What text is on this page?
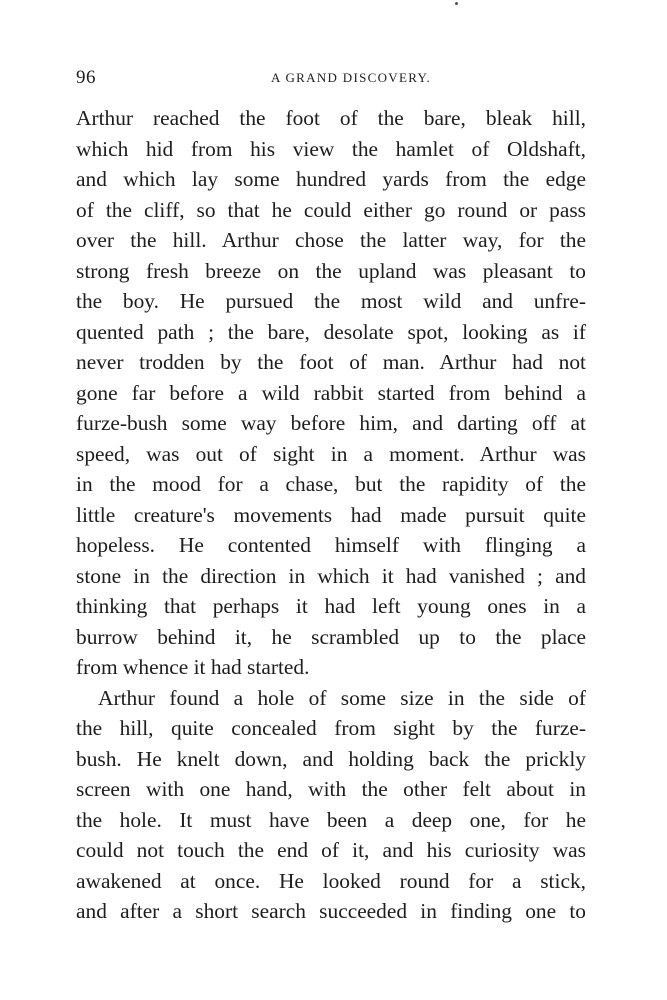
96	A GRAND DISCOVERY.
Arthur reached the foot of the bare, bleak hill,
which hid from his view the hamlet of Oldshaft,
and which lay some hundred yards from the edge
of the cliff, so that he could either go round or pass
over the hill. Arthur chose the latter way, for the
strong fresh breeze on the upland was pleasant to
the boy. He pursued the most wild and unfre-
quented path ; the bare, desolate spot, looking as if
never trodden by the foot of man. Arthur had not
gone far before a wild rabbit started from behind a
furze-bush some way before him, and darting off at
speed, was out of sight in a moment. Arthur was
in the mood for a chase, but the rapidity of the
little creature's movements had made pursuit quite
hopeless. He contented himself with flinging a
stone in the direction in which it had vanished ; and
thinking that perhaps it had left young ones in a
burrow behind it, he scrambled up to the place
from whence it had started.
Arthur found a hole of some size in the side of
the hill, quite concealed from sight by the furze-
bush. He knelt down, and holding back the prickly
screen with one hand, with the other felt about in
the hole. It must have been a deep one, for he
could not touch the end of it, and his curiosity was
awakened at once. He looked round for a stick,
and after a short search succeeded in finding one to
